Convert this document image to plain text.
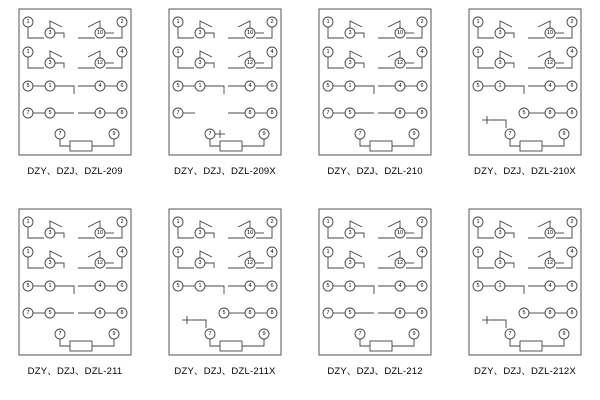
1	2
3	10
1	4
3	12
5	1	4	6
7	5	8	8
7	9
DZY、DZJ、DZL-209
1	2
3	10
1	4
3	12
5	1	4	6
7	8	8
7	9
DZY、DZJ、DZL-209X
1	2
3	10
1	4
3	12
5	1	4	6
7	5	8	8
7	9
DZY、DZJ、DZL-210
1	2
3	10
1	4
3	12
5	1	4	6
5	8	8
7	9
DZY、DZJ、DZL-210X
1	2
3	10
1	4
3	12
5	1	4	6
7	5	8	8
7	9
DZY、DZJ、DZL-211
1	2
3	10
1	4
3	12
5	1	4	6
5	8	8
7	9
DZY、DZJ、DZL-211X
1	2
3	10
1	4
3	12
5	1	4	6
7	5	8	8
7	9
DZY、DZJ、DZL-212
1	2
3	10
1	4
3	12
5	1	4	6
5	8	8
7	9
DZY、DZJ、DZL-212X
